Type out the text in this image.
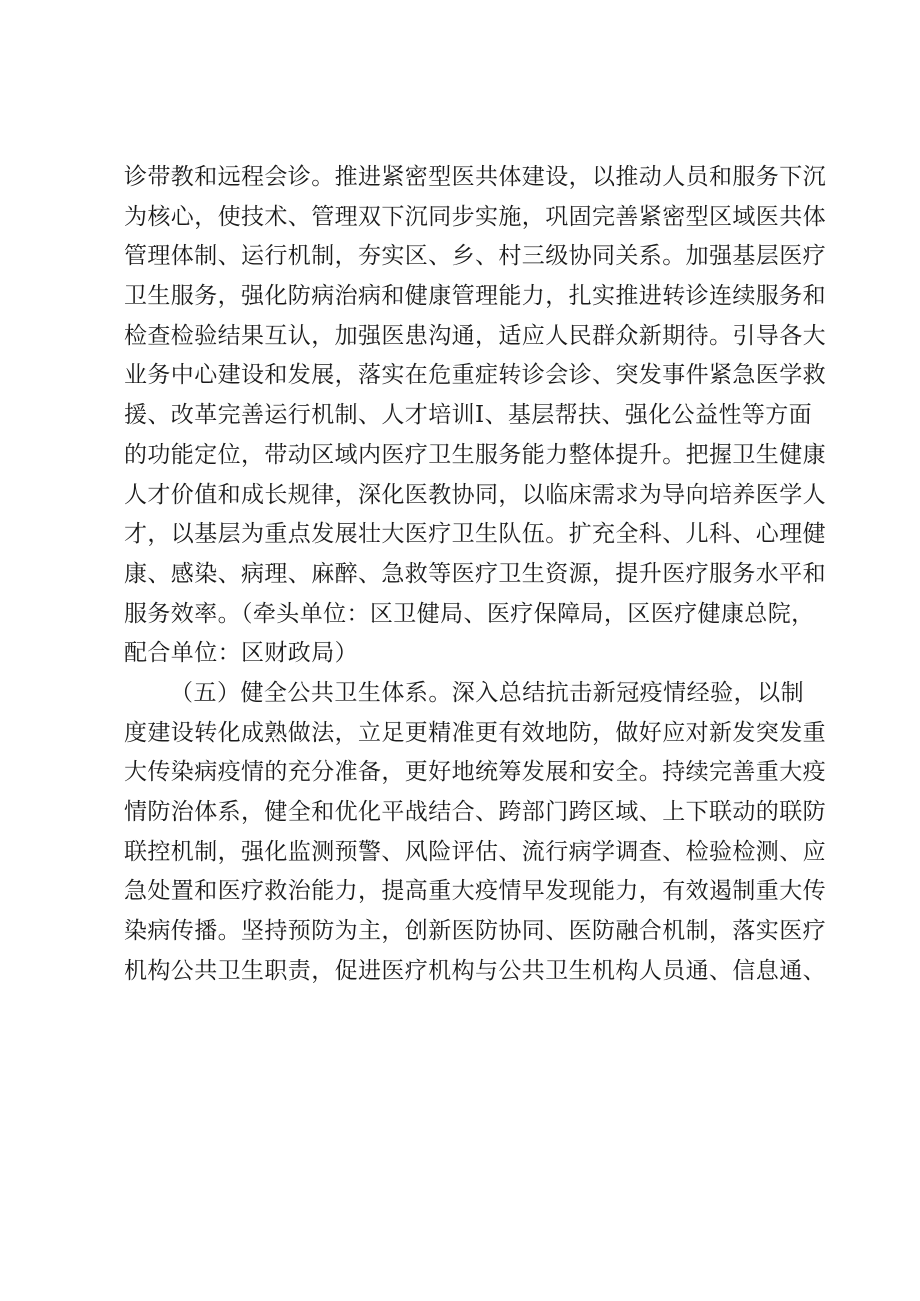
诊带教和远程会诊。推进紧密型医共体建设，以推动人员和服务下沉
为核心，使技术、管理双下沉同步实施，巩固完善紧密型区域医共体
管理体制、运行机制，夯实区、乡、村三级协同关系。加强基层医疗
卫生服务，强化防病治病和健康管理能力，扎实推进转诊连续服务和
检查检验结果互认，加强医患沟通，适应人民群众新期待。引导各大
业务中心建设和发展，落实在危重症转诊会诊、突发事件紧急医学救
援、改革完善运行机制、人才培训I、基层帮扶、强化公益性等方面
的功能定位，带动区域内医疗卫生服务能力整体提升。把握卫生健康
人才价值和成长规律，深化医教协同，以临床需求为导向培养医学人
才，以基层为重点发展壮大医疗卫生队伍。扩充全科、儿科、心理健
康、感染、病理、麻醉、急救等医疗卫生资源，提升医疗服务水平和
服务效率。（牵头单位：区卫健局、医疗保障局，区医疗健康总院，
配合单位：区财政局）
（五）健全公共卫生体系。深入总结抗击新冠疫情经验，以制
度建设转化成熟做法，立足更精准更有效地防，做好应对新发突发重
大传染病疫情的充分准备，更好地统筹发展和安全。持续完善重大疫
情防治体系，健全和优化平战结合、跨部门跨区域、上下联动的联防
联控机制，强化监测预警、风险评估、流行病学调查、检验检测、应
急处置和医疗救治能力，提高重大疫情早发现能力，有效遏制重大传
染病传播。坚持预防为主，创新医防协同、医防融合机制，落实医疗
机构公共卫生职责，促进医疗机构与公共卫生机构人员通、信息通、
